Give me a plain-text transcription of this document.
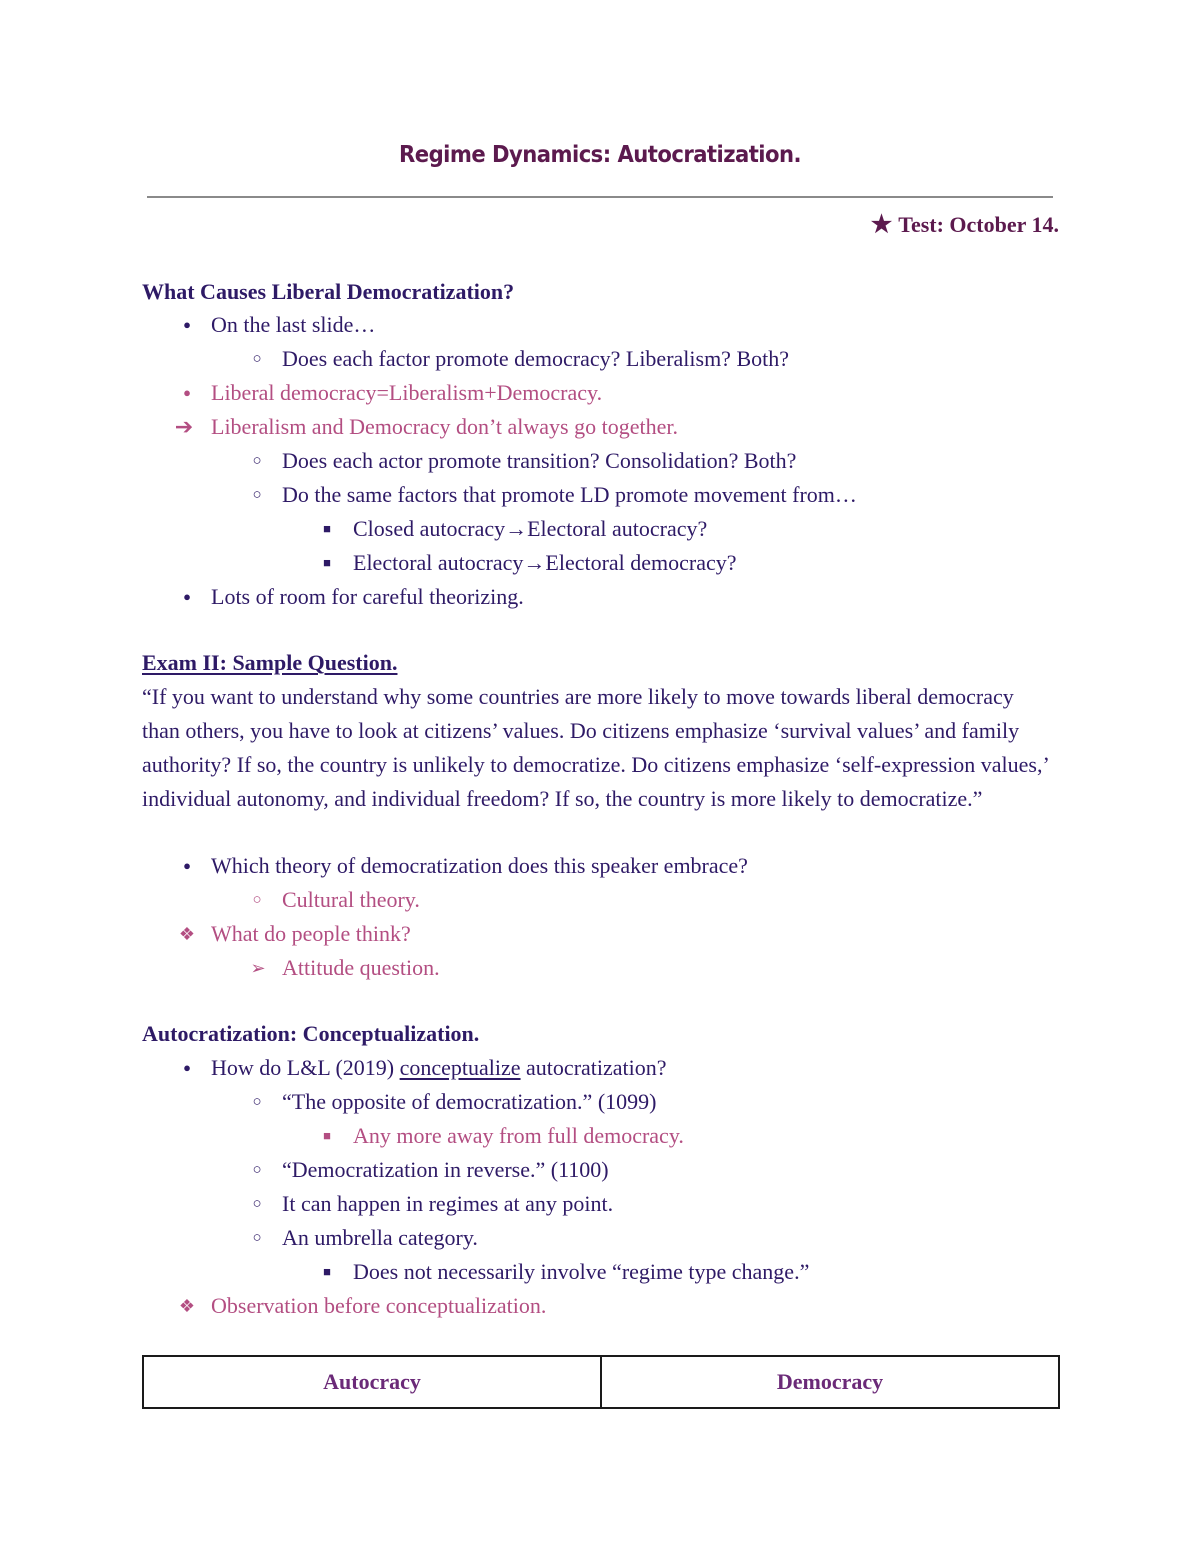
Regime Dynamics: Autocratization.
★ Test: October 14.
What Causes Liberal Democratization?
● On the last slide…
○ Does each factor promote democracy? Liberalism? Both?
● Liberal democracy=Liberalism+Democracy.
➔ Liberalism and Democracy don’t always go together.
○ Does each actor promote transition? Consolidation? Both?
○ Do the same factors that promote LD promote movement from…
■	Closed autocracy→Electoral autocracy?
■	Electoral autocracy→Electoral democracy?
● Lots of room for careful theorizing.
Exam II: Sample Question.
“If you want to understand why some countries are more likely to move towards liberal democracy than others, you have to look at citizens’ values. Do citizens emphasize ‘survival values’ and family authority? If so, the country is unlikely to democratize. Do citizens emphasize ‘self-expression values,’ individual autonomy, and individual freedom? If so, the country is more likely to democratize.”
● Which theory of democratization does this speaker embrace?
○ Cultural theory.
❖ What do people think?
➢ Attitude question.
Autocratization: Conceptualization.
● How do L&L (2019) conceptualize autocratization?
○ “The opposite of democratization.” (1099)
■	Any more away from full democracy.
○ “Democratization in reverse.” (1100)
○ It can happen in regimes at any point.
○ An umbrella category.
■	Does not necessarily involve “regime type change.”
❖ Observation before conceptualization.
Autocracy	Democracy
